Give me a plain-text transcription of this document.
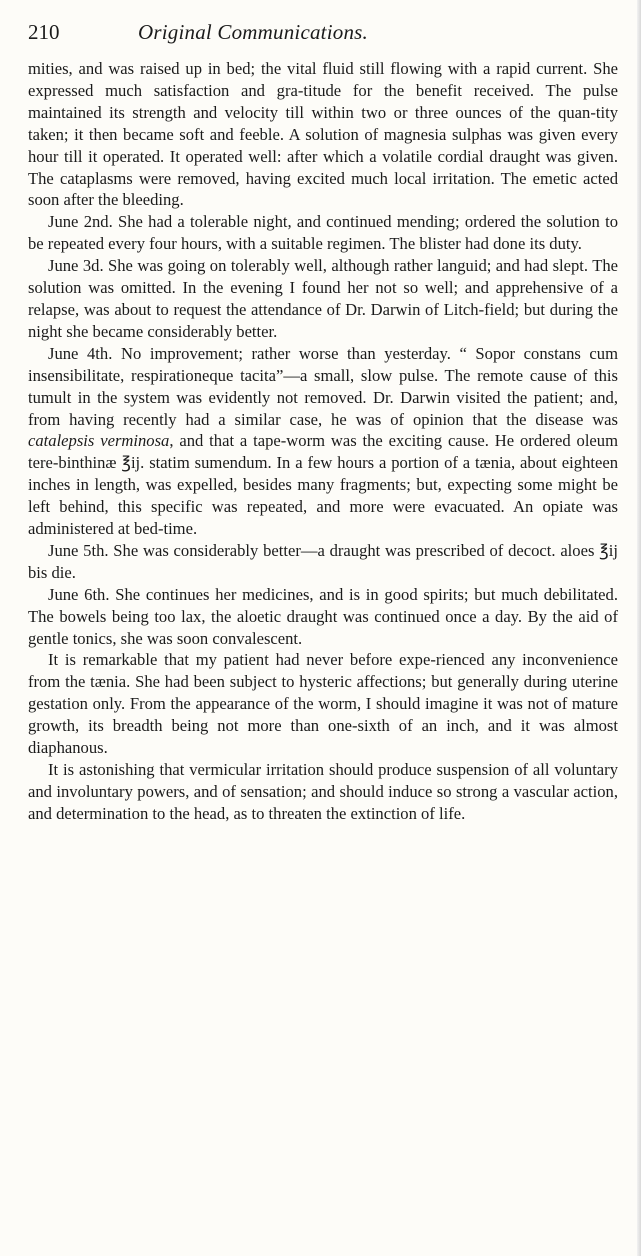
210	Original Communications.

mities, and was raised up in bed; the vital fluid still flowing with a rapid current. She expressed much satisfaction and gra-titude for the benefit received. The pulse maintained its strength and velocity till within two or three ounces of the quan-tity taken; it then became soft and feeble. A solution of magnesia sulphas was given every hour till it operated. It operated well: after which a volatile cordial draught was given. The cataplasms were removed, having excited much local irritation. The emetic acted soon after the bleeding.

June 2nd. She had a tolerable night, and continued mending; ordered the solution to be repeated every four hours, with a suitable regimen. The blister had done its duty.

June 3d. She was going on tolerably well, although rather languid; and had slept. The solution was omitted. In the evening I found her not so well; and apprehensive of a relapse, was about to request the attendance of Dr. Darwin of Litch-field; but during the night she became considerably better.

June 4th. No improvement; rather worse than yesterday. “ Sopor constans cum insensibilitate, respirationeque tacita”—a small, slow pulse. The remote cause of this tumult in the system was evidently not removed. Dr. Darwin visited the patient; and, from having recently had a similar case, he was of opinion that the disease was catalepsis verminosa, and that a tape-worm was the exciting cause. He ordered oleum tere-binthinæ ℥ij. statim sumendum. In a few hours a portion of a tænia, about eighteen inches in length, was expelled, besides many fragments; but, expecting some might be left behind, this specific was repeated, and more were evacuated. An opiate was administered at bed-time.

June 5th. She was considerably better—a draught was prescribed of decoct. aloes ℥ij bis die.

June 6th. She continues her medicines, and is in good spirits; but much debilitated. The bowels being too lax, the aloetic draught was continued once a day. By the aid of gentle tonics, she was soon convalescent.

It is remarkable that my patient had never before expe-rienced any inconvenience from the tænia. She had been subject to hysteric affections; but generally during uterine gestation only. From the appearance of the worm, I should imagine it was not of mature growth, its breadth being not more than one-sixth of an inch, and it was almost diaphanous.

It is astonishing that vermicular irritation should produce suspension of all voluntary and involuntary powers, and of sensation; and should induce so strong a vascular action, and determination to the head, as to threaten the extinction of life.
